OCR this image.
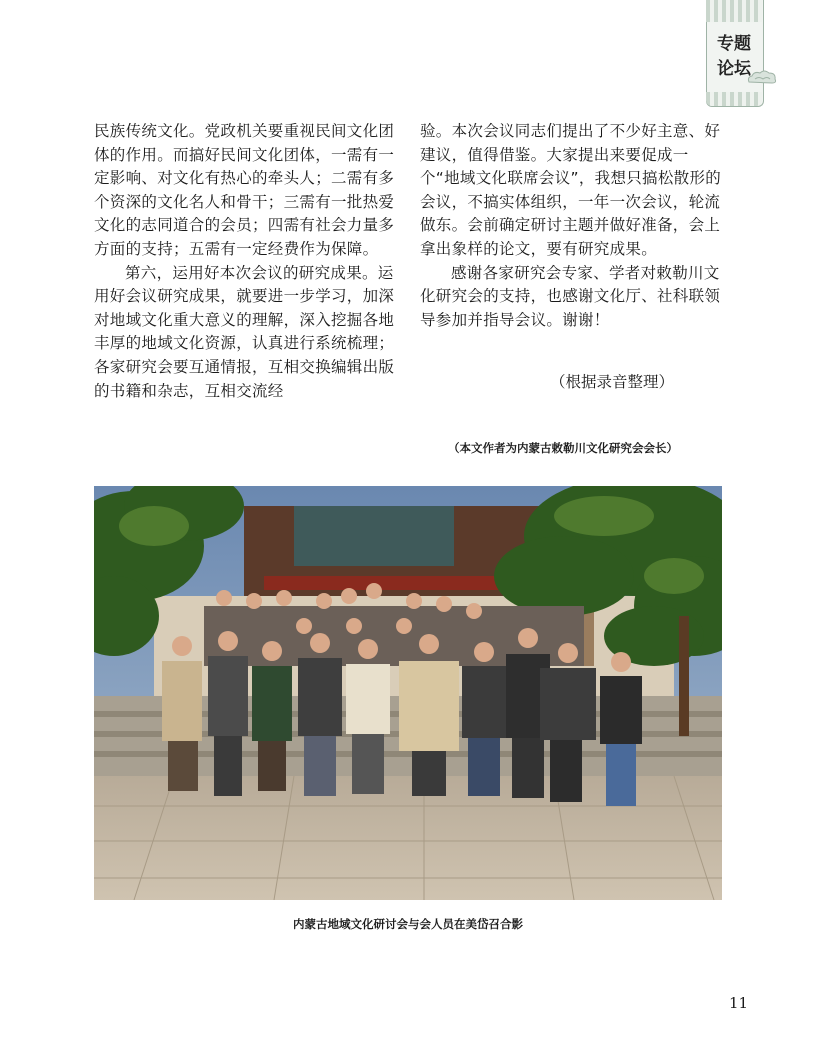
专题
论坛

民族传统文化。党政机关要重视民间文化团体的作用。而搞好民间文化团体，一需有一定影响、对文化有热心的牵头人；二需有多个资深的文化名人和骨干；三需有一批热爱文化的志同道合的会员；四需有社会力量多方面的支持；五需有一定经费作为保障。

第六，运用好本次会议的研究成果。运用好会议研究成果，就要进一步学习，加深对地域文化重大意义的理解，深入挖掘各地丰厚的地域文化资源，认真进行系统梳理；各家研究会要互通情报，互相交换编辑出版的书籍和杂志，互相交流经

验。本次会议同志们提出了不少好主意、好建议，值得借鉴。大家提出来要促成一个“地域文化联席会议”，我想只搞松散形的会议，不搞实体组织，一年一次会议，轮流做东。会前确定研讨主题并做好准备，会上拿出象样的论文，要有研究成果。

感谢各家研究会专家、学者对敕勒川文化研究会的支持，也感谢文化厅、社科联领导参加并指导会议。谢谢！

（根据录音整理）
（本文作者为内蒙古敕勒川文化研究会会长）
内蒙古地域文化研讨会与会人员在美岱召合影
11
